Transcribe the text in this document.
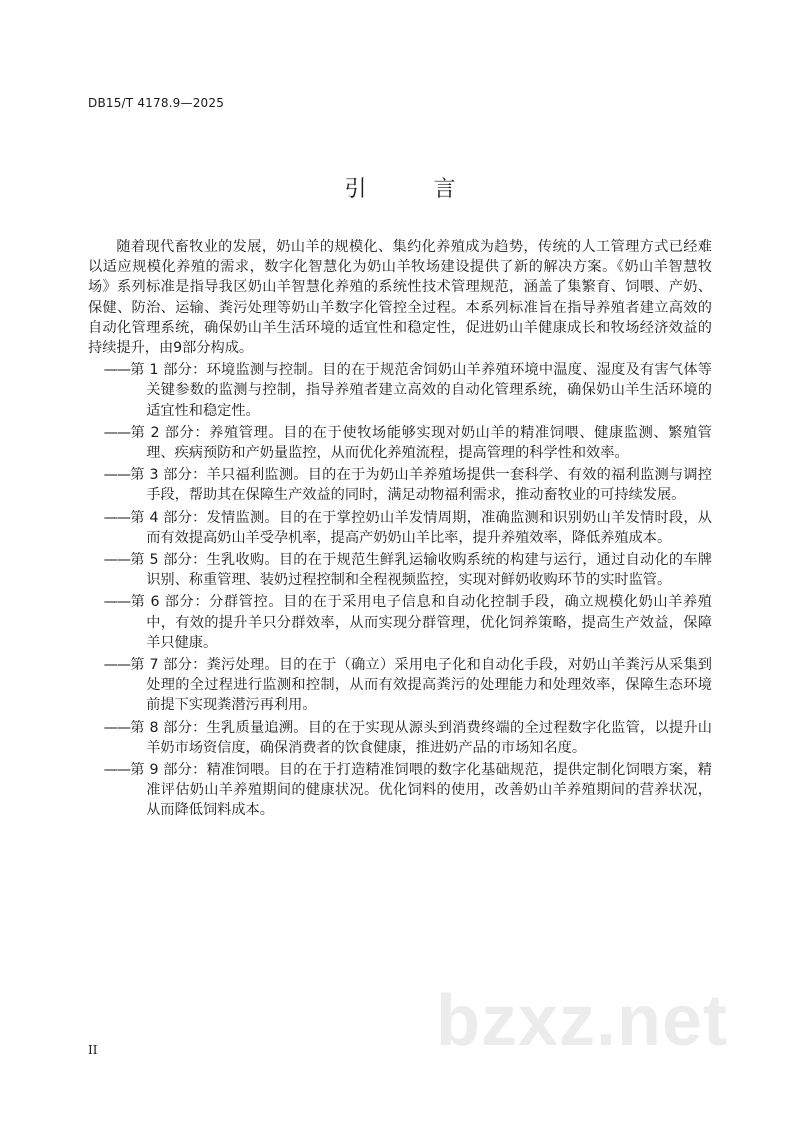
DB15/T 4178.9—2025
引 言

随着现代畜牧业的发展，奶山羊的规模化、集约化养殖成为趋势，传统的人工管理方式已经难以适应规模化养殖的需求，数字化智慧化为奶山羊牧场建设提供了新的解决方案。《奶山羊智慧牧场》系列标准是指导我区奶山羊智慧化养殖的系统性技术管理规范，涵盖了集繁育、饲喂、产奶、保健、防治、运输、粪污处理等奶山羊数字化管控全过程。本系列标准旨在指导养殖者建立高效的自动化管理系统，确保奶山羊生活环境的适宜性和稳定性，促进奶山羊健康成长和牧场经济效益的持续提升，由9部分构成。

——第 1 部分：环境监测与控制。目的在于规范舍饲奶山羊养殖环境中温度、湿度及有害气体等关键参数的监测与控制，指导养殖者建立高效的自动化管理系统，确保奶山羊生活环境的适宜性和稳定性。

——第 2 部分：养殖管理。目的在于使牧场能够实现对奶山羊的精准饲喂、健康监测、繁殖管理、疾病预防和产奶量监控，从而优化养殖流程，提高管理的科学性和效率。

——第 3 部分：羊只福利监测。目的在于为奶山羊养殖场提供一套科学、有效的福利监测与调控手段，帮助其在保障生产效益的同时，满足动物福利需求，推动畜牧业的可持续发展。

——第 4 部分：发情监测。目的在于掌控奶山羊发情周期，准确监测和识别奶山羊发情时段，从而有效提高奶山羊受孕机率，提高产奶奶山羊比率，提升养殖效率，降低养殖成本。

——第 5 部分：生乳收购。目的在于规范生鲜乳运输收购系统的构建与运行，通过自动化的车牌识别、称重管理、装奶过程控制和全程视频监控，实现对鲜奶收购环节的实时监管。

——第 6 部分：分群管控。目的在于采用电子信息和自动化控制手段，确立规模化奶山羊养殖中，有效的提升羊只分群效率，从而实现分群管理，优化饲养策略，提高生产效益，保障羊只健康。

——第 7 部分：粪污处理。目的在于（确立）采用电子化和自动化手段，对奶山羊粪污从采集到处理的全过程进行监测和控制，从而有效提高粪污的处理能力和处理效率，保障生态环境前提下实现粪潜污再利用。

——第 8 部分：生乳质量追溯。目的在于实现从源头到消费终端的全过程数字化监管，以提升山羊奶市场资信度，确保消费者的饮食健康，推进奶产品的市场知名度。

——第 9 部分：精准饲喂。目的在于打造精准饲喂的数字化基础规范，提供定制化饲喂方案，精准评估奶山羊养殖期间的健康状况。优化饲料的使用，改善奶山羊养殖期间的营养状况，从而降低饲料成本。

bzxz.net
II
